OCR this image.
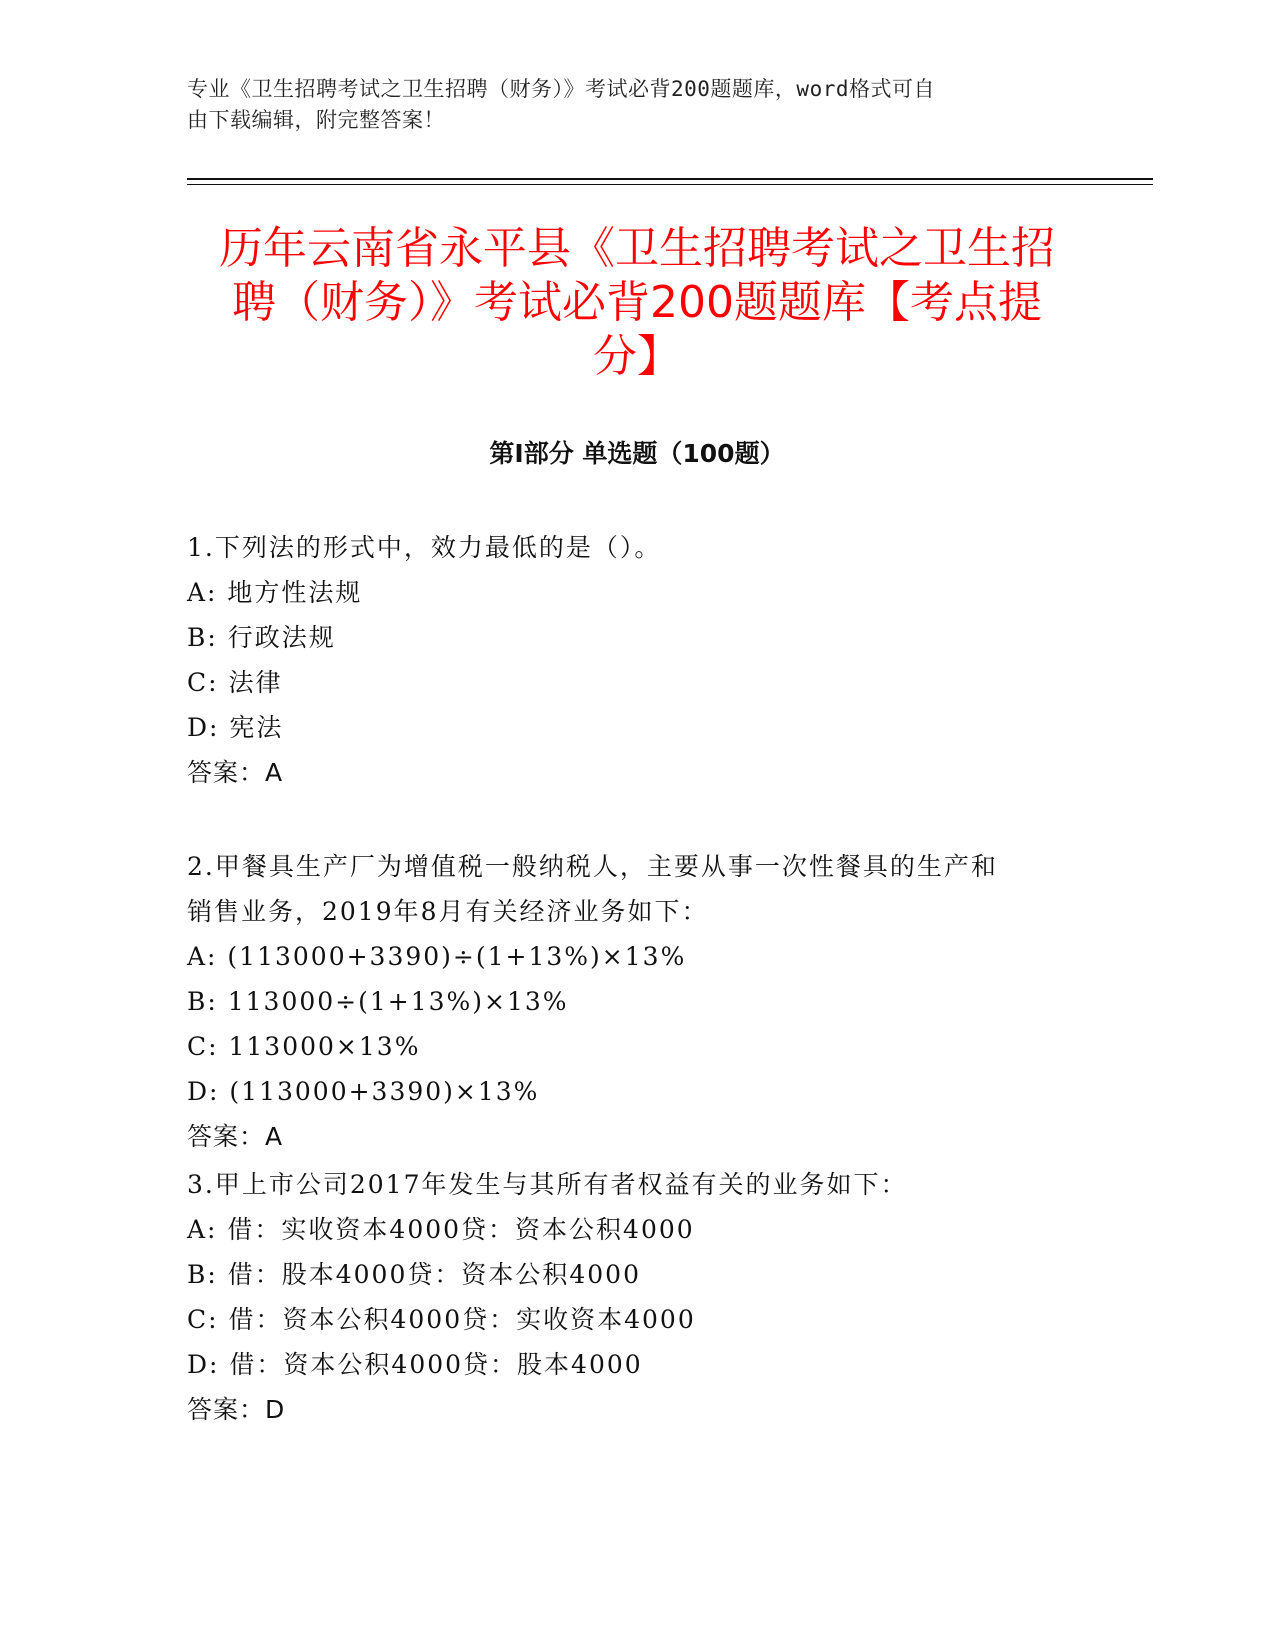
专业《卫生招聘考试之卫生招聘（财务）》考试必背200题题库，word格式可自
由下载编辑，附完整答案！
历年云南省永平县《卫生招聘考试之卫生招
聘（财务）》考试必背200题题库【考点提
分】
第Ⅰ部分 单选题（100题）
1.下列法的形式中，效力最低的是（）。
A: 地方性法规
B: 行政法规
C: 法律
D: 宪法
答案：A
2.甲餐具生产厂为增值税一般纳税人，主要从事一次性餐具的生产和
销售业务，2019年8月有关经济业务如下：
A: (113000+3390)÷(1+13%)×13%
B: 113000÷(1+13%)×13%
C: 113000×13%
D: (113000+3390)×13%
答案：A
3.甲上市公司2017年发生与其所有者权益有关的业务如下：
A: 借：实收资本4000贷：资本公积4000
B: 借：股本4000贷：资本公积4000
C: 借：资本公积4000贷：实收资本4000
D: 借：资本公积4000贷：股本4000
答案：D
